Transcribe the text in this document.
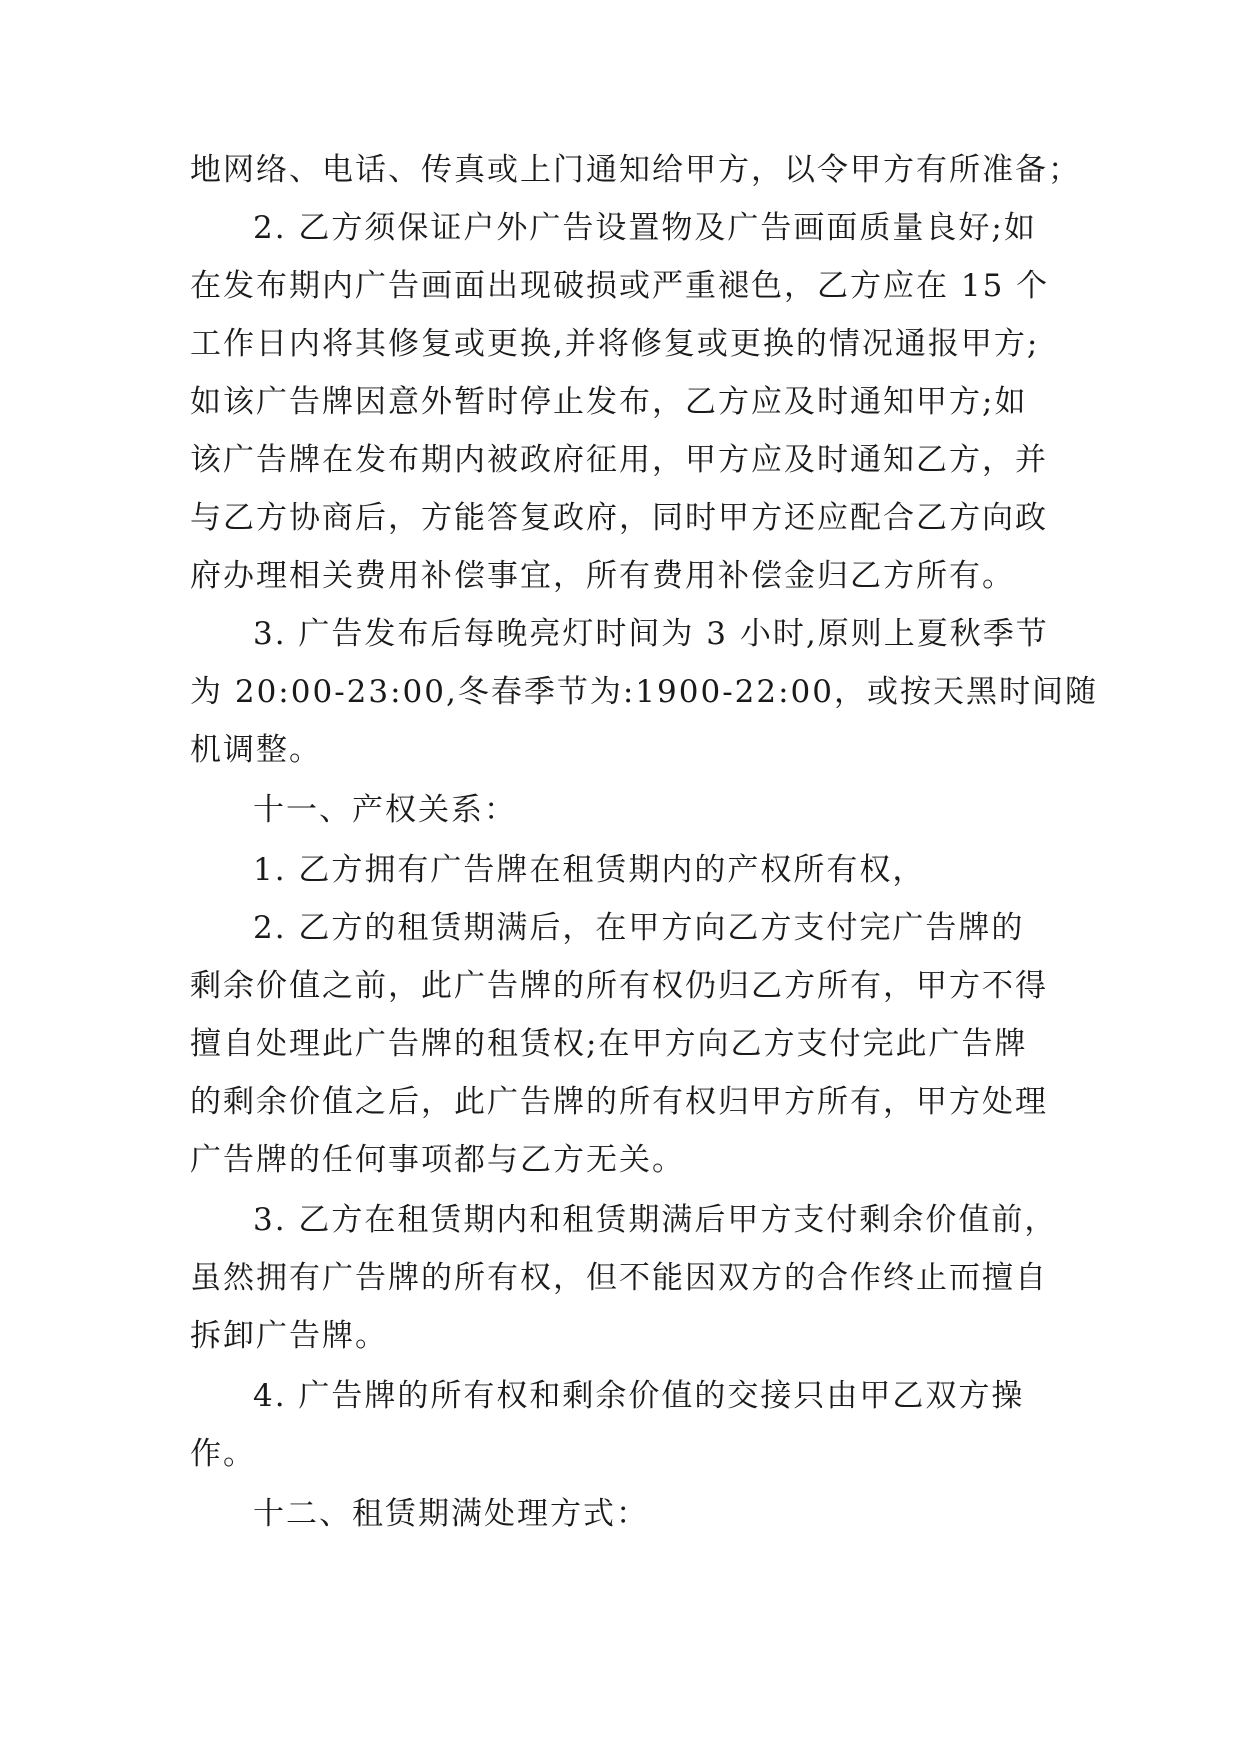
地网络、电话、传真或上门通知给甲方，以令甲方有所准备；
2. 乙方须保证户外广告设置物及广告画面质量良好;如
在发布期内广告画面出现破损或严重褪色，乙方应在 15 个
工作日内将其修复或更换,并将修复或更换的情况通报甲方;
如该广告牌因意外暂时停止发布，乙方应及时通知甲方;如
该广告牌在发布期内被政府征用，甲方应及时通知乙方，并
与乙方协商后，方能答复政府，同时甲方还应配合乙方向政
府办理相关费用补偿事宜，所有费用补偿金归乙方所有。
3. 广告发布后每晚亮灯时间为 3 小时,原则上夏秋季节
为 20:00-23:00,冬春季节为:1900-22:00，或按天黑时间随
机调整。
十一、产权关系：
1. 乙方拥有广告牌在租赁期内的产权所有权，
2. 乙方的租赁期满后，在甲方向乙方支付完广告牌的
剩余价值之前，此广告牌的所有权仍归乙方所有，甲方不得
擅自处理此广告牌的租赁权;在甲方向乙方支付完此广告牌
的剩余价值之后，此广告牌的所有权归甲方所有，甲方处理
广告牌的任何事项都与乙方无关。
3. 乙方在租赁期内和租赁期满后甲方支付剩余价值前，
虽然拥有广告牌的所有权，但不能因双方的合作终止而擅自
拆卸广告牌。
4. 广告牌的所有权和剩余价值的交接只由甲乙双方操
作。
十二、租赁期满处理方式：
